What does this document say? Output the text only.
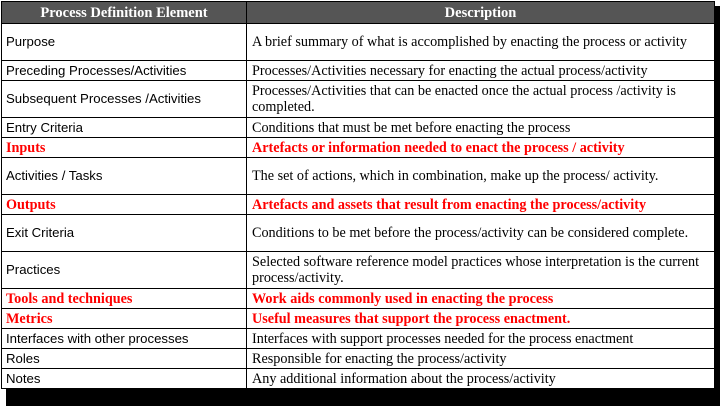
Process Definition Element	Description
Purpose	A brief summary of what is accomplished by enacting the process or activity
Preceding Processes/Activities	Processes/Activities necessary for enacting the actual process/activity
Subsequent Processes /Activities	Processes/Activities that can be enacted once the actual process /activity is completed.
Entry Criteria	Conditions that must be met before enacting the process
Inputs	Artefacts or information needed to enact the process / activity
Activities / Tasks	The set of actions, which in combination, make up the process/ activity.
Outputs	Artefacts and assets that result from enacting the process/activity
Exit Criteria	Conditions to be met before the process/activity can be considered complete.
Practices	Selected software reference model practices whose interpretation is the current process/activity.
Tools and techniques	Work aids commonly used in enacting the process
Metrics	Useful measures that support the process enactment.
Interfaces with other processes	Interfaces with support processes needed for the process enactment
Roles	Responsible for enacting the process/activity
Notes	Any additional information about the process/activity
